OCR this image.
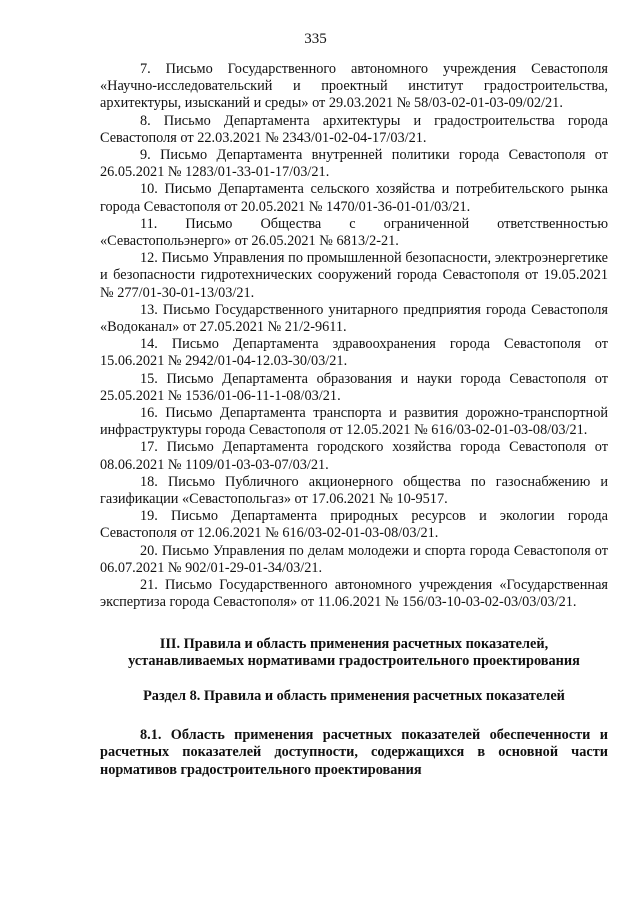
335

7. Письмо Государственного автономного учреждения Севастополя «Научно-исследовательский и проектный институт градостроительства, архитектуры, изысканий и среды» от 29.03.2021 № 58/03-02-01-03-09/02/21.

8. Письмо Департамента архитектуры и градостроительства города Севастополя от 22.03.2021 № 2343/01-02-04-17/03/21.

9. Письмо Департамента внутренней политики города Севастополя от 26.05.2021 № 1283/01-33-01-17/03/21.

10. Письмо Департамента сельского хозяйства и потребительского рынка города Севастополя от 20.05.2021 № 1470/01-36-01-01/03/21.

11. Письмо Общества с ограниченной ответственностью «Севастопольэнерго» от 26.05.2021 № 6813/2-21.

12. Письмо Управления по промышленной безопасности, электроэнергетике и безопасности гидротехнических сооружений города Севастополя от 19.05.2021 № 277/01-30-01-13/03/21.

13. Письмо Государственного унитарного предприятия города Севастополя «Водоканал» от 27.05.2021 № 21/2-9611.

14. Письмо Департамента здравоохранения города Севастополя от 15.06.2021 № 2942/01-04-12.03-30/03/21.

15. Письмо Департамента образования и науки города Севастополя от 25.05.2021 № 1536/01-06-11-1-08/03/21.

16. Письмо Департамента транспорта и развития дорожно-транспортной инфраструктуры города Севастополя от 12.05.2021 № 616/03-02-01-03-08/03/21.

17. Письмо Департамента городского хозяйства города Севастополя от 08.06.2021 № 1109/01-03-03-07/03/21.

18. Письмо Публичного акционерного общества по газоснабжению и газификации «Севастопольгаз» от 17.06.2021 № 10-9517.

19. Письмо Департамента природных ресурсов и экологии города Севастополя от 12.06.2021 № 616/03-02-01-03-08/03/21.

20. Письмо Управления по делам молодежи и спорта города Севастополя от 06.07.2021 № 902/01-29-01-34/03/21.

21. Письмо Государственного автономного учреждения «Государственная экспертиза города Севастополя» от 11.06.2021 № 156/03-10-03-02-03/03/03/21.

III. Правила и область применения расчетных показателей,
устанавливаемых нормативами градостроительного проектирования
Раздел 8. Правила и область применения расчетных показателей

8.1. Область применения расчетных показателей обеспеченности и расчетных показателей доступности, содержащихся в основной части нормативов градостроительного проектирования
